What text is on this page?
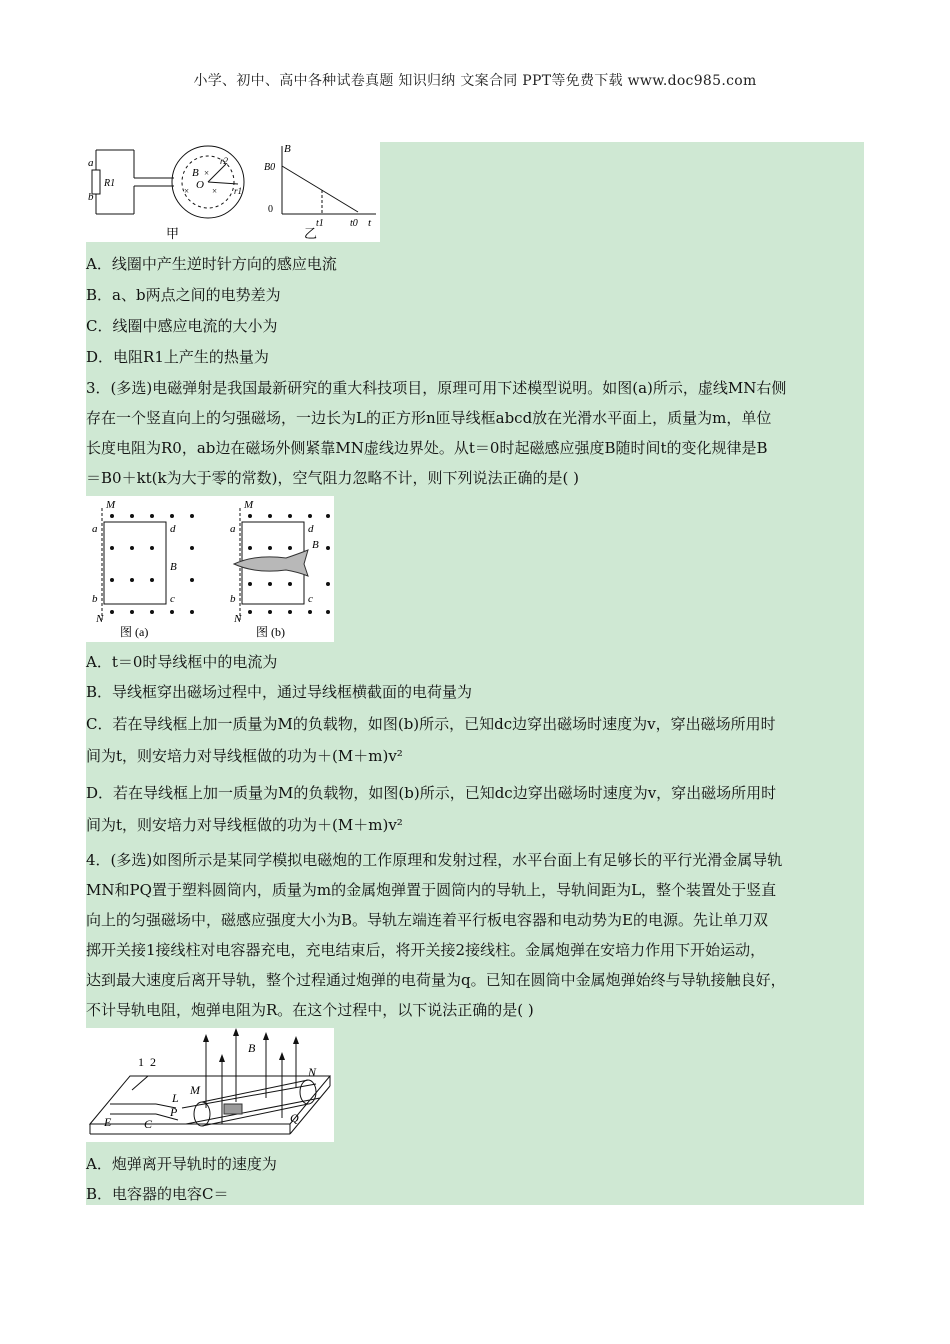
小学、初中、高中各种试卷真题 知识归纳 文案合同 PPT等免费下载 www.doc985.com
a
b
R1
B
O
r2
r1
×	×
×
B
B0
0
t1	t0 t
甲	乙
A．线圈中产生逆时针方向的感应电流
B．a、b两点之间的电势差为
C．线圈中感应电流的大小为
D．电阻R1上产生的热量为
3．(多选)电磁弹射是我国最新研究的重大科技项目，原理可用下述模型说明。如图(a)所示，虚线MN右侧
存在一个竖直向上的匀强磁场，一边长为L的正方形n匝导线框abcd放在光滑水平面上，质量为m，单位
长度电阻为R0，ab边在磁场外侧紧靠MN虚线边界处。从t＝0时起磁感应强度B随时间t的变化规律是B
＝B0＋kt(k为大于零的常数)，空气阻力忽略不计，则下列说法正确的是( )
M
a	d
B
b	c
N
M
a	d
B
b	c
N
图 (a)	图 (b)
A．t＝0时导线框中的电流为
B．导线框穿出磁场过程中，通过导线框横截面的电荷量为
C．若在导线框上加一质量为M的负载物，如图(b)所示，已知dc边穿出磁场时速度为v，穿出磁场所用时
间为t，则安培力对导线框做的功为＋(M＋m)v²
D．若在导线框上加一质量为M的负载物，如图(b)所示，已知dc边穿出磁场时速度为v，穿出磁场所用时
间为t，则安培力对导线框做的功为＋(M＋m)v²
4．(多选)如图所示是某同学模拟电磁炮的工作原理和发射过程，水平台面上有足够长的平行光滑金属导轨
MN和PQ置于塑料圆筒内，质量为m的金属炮弹置于圆筒内的导轨上，导轨间距为L，整个装置处于竖直
向上的匀强磁场中，磁感应强度大小为B。导轨左端连着平行板电容器和电动势为E的电源。先让单刀双
掷开关接1接线柱对电容器充电，充电结束后，将开关接2接线柱。金属炮弹在安培力作用下开始运动，
达到最大速度后离开导轨，整个过程通过炮弹的电荷量为q。已知在圆筒中金属炮弹始终与导轨接触良好，
不计导轨电阻，炮弹电阻为R。在这个过程中，以下说法正确的是( )
1 2
E	C
L
M
P
B
N
Q
A．炮弹离开导轨时的速度为
B．电容器的电容C＝
